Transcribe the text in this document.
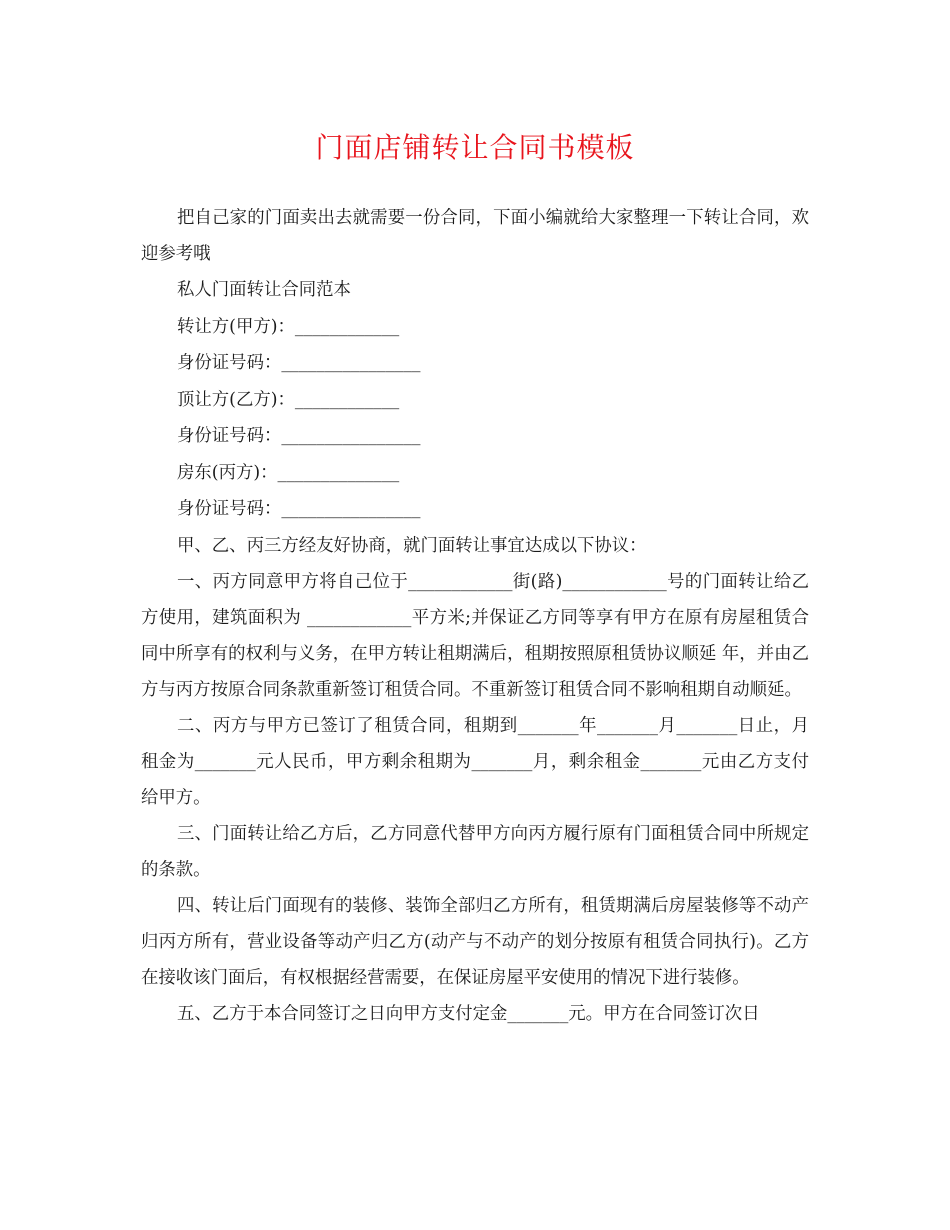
门面店铺转让合同书模板

把自己家的门面卖出去就需要一份合同，下面小编就给大家整理一下转让合同，欢迎参考哦

私人门面转让合同范本

转让方(甲方)：____________

身份证号码：________________

顶让方(乙方)：____________

身份证号码：________________

房东(丙方)：______________

身份证号码：________________

甲、乙、丙三方经友好协商，就门面转让事宜达成以下协议：

一、丙方同意甲方将自己位于____________街(路)____________号的门面转让给乙方使用，建筑面积为 ____________平方米;并保证乙方同等享有甲方在原有房屋租赁合同中所享有的权利与义务，在甲方转让租期满后，租期按照原租赁协议顺延 年，并由乙方与丙方按原合同条款重新签订租赁合同。不重新签订租赁合同不影响租期自动顺延。

二、丙方与甲方已签订了租赁合同，租期到_______年_______月_______日止，月租金为_______元人民币，甲方剩余租期为_______月，剩余租金_______元由乙方支付给甲方。

三、门面转让给乙方后，乙方同意代替甲方向丙方履行原有门面租赁合同中所规定的条款。

四、转让后门面现有的装修、装饰全部归乙方所有，租赁期满后房屋装修等不动产归丙方所有，营业设备等动产归乙方(动产与不动产的划分按原有租赁合同执行)。乙方在接收该门面后，有权根据经营需要，在保证房屋平安使用的情况下进行装修。

五、乙方于本合同签订之日向甲方支付定金_______元。甲方在合同签订次日
